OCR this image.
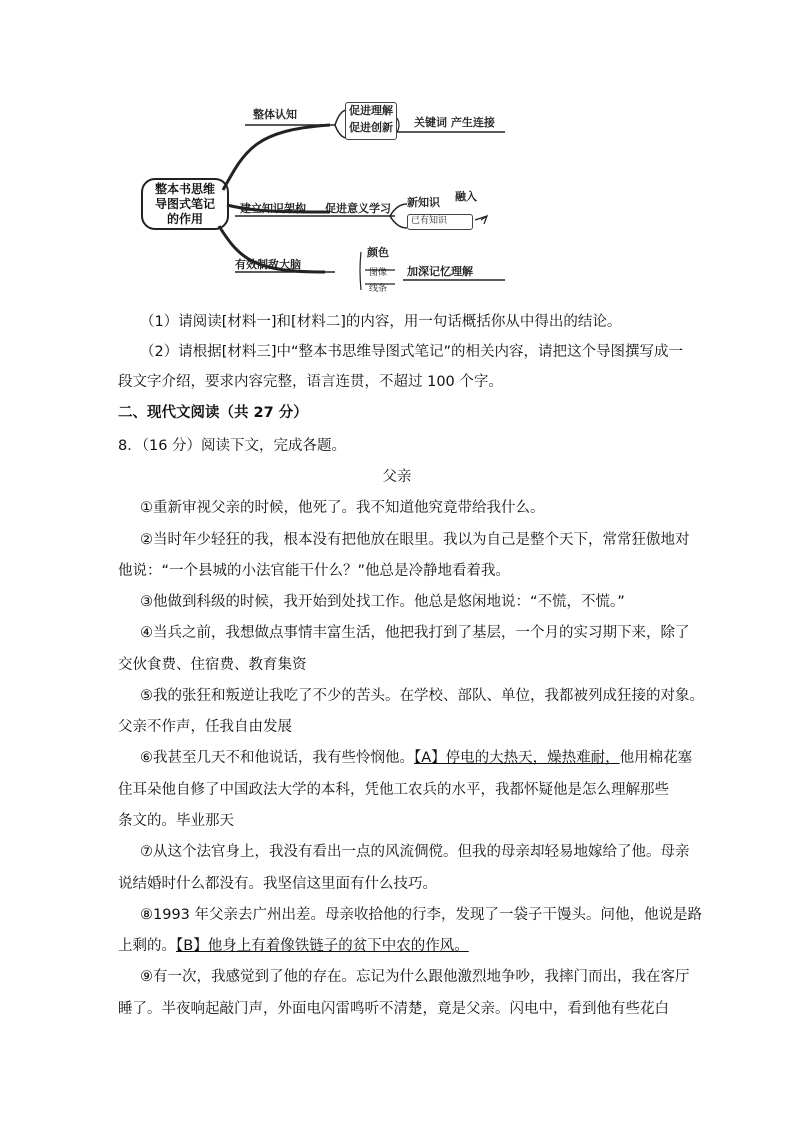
整本书思维
导图式笔记
的作用
整体认知	促进理解
促进创新 关键词 产生连接
建立知识架构 促进意义学习 新知识
已有知识
融入
有效制敌大脑
颜色
图像
线条
加深记忆理解
（1）请阅读[材料一]和[材料二]的内容，用一句话概括你从中得出的结论。
（2）请根据[材料三]中“整本书思维导图式笔记”的相关内容，请把这个导图撰写成一
段文字介绍，要求内容完整，语言连贯，不超过 100 个字。
二、现代文阅读（共 27 分）
8．（16 分）阅读下文，完成各题。
父亲
①重新审视父亲的时候，他死了。我不知道他究竟带给我什么。
②当时年少轻狂的我，根本没有把他放在眼里。我以为自己是整个天下，常常狂傲地对
他说：“一个县城的小法官能干什么？”他总是冷静地看着我。
③他做到科级的时候，我开始到处找工作。他总是悠闲地说：“不慌，不慌。”
④当兵之前，我想做点事情丰富生活，他把我打到了基层，一个月的实习期下来，除了
交伙食费、住宿费、教育集资
⑤我的张狂和叛逆让我吃了不少的苦头。在学校、部队、单位，我都被列成狂接的对象。
父亲不作声，任我自由发展
⑥我甚至几天不和他说话，我有些怜悯他。【A】停电的大热天，燥热难耐，他用棉花塞
住耳朵他自修了中国政法大学的本科，凭他工农兵的水平，我都怀疑他是怎么理解那些
条文的。毕业那天
⑦从这个法官身上，我没有看出一点的风流倜傥。但我的母亲却轻易地嫁给了他。母亲
说结婚时什么都没有。我坚信这里面有什么技巧。
⑧1993 年父亲去广州出差。母亲收拾他的行李，发现了一袋子干馒头。问他，他说是路
上剩的。【B】他身上有着像铁链子的贫下中农的作风。
⑨有一次，我感觉到了他的存在。忘记为什么跟他激烈地争吵，我摔门而出，我在客厅
睡了。半夜响起敲门声，外面电闪雷鸣听不清楚，竟是父亲。闪电中，看到他有些花白
